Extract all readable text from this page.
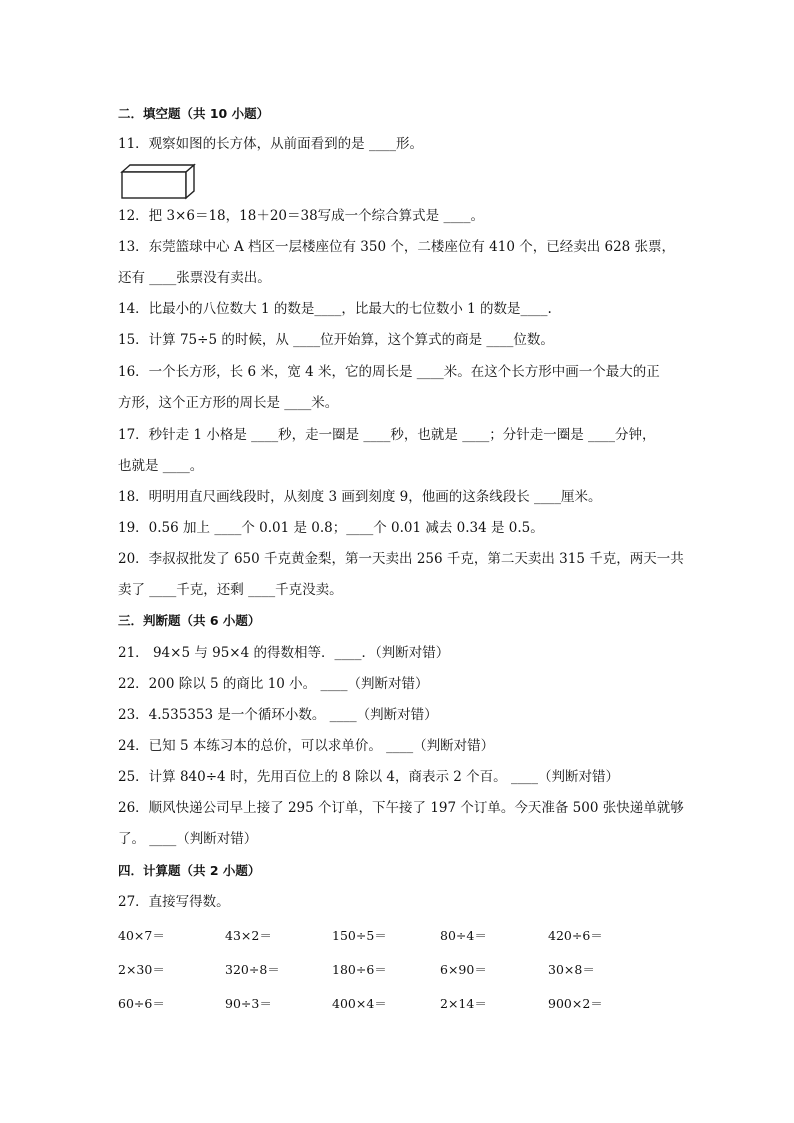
二．填空题（共 10 小题）
11．观察如图的长方体，从前面看到的是 ____形。
12．把 3×6＝18，18＋20＝38写成一个综合算式是 ____。
13．东莞篮球中心 A 档区一层楼座位有 350 个，二楼座位有 410 个，已经卖出 628 张票，
还有 ____张票没有卖出。
14．比最小的八位数大 1 的数是____，比最大的七位数小 1 的数是____.
15．计算 75÷5 的时候，从 ____位开始算，这个算式的商是 ____位数。
16．一个长方形，长 6 米，宽 4 米，它的周长是 ____米。在这个长方形中画一个最大的正
方形，这个正方形的周长是 ____米。
17．秒针走 1 小格是 ____秒，走一圈是 ____秒，也就是 ____；分针走一圈是 ____分钟，
也就是 ____。
18．明明用直尺画线段时，从刻度 3 画到刻度 9，他画的这条线段长 ____厘米。
19．0.56 加上 ____个 0.01 是 0.8；____个 0.01 减去 0.34 是 0.5。
20．李叔叔批发了 650 千克黄金梨，第一天卖出 256 千克，第二天卖出 315 千克，两天一共
卖了 ____千克，还剩 ____千克没卖。
三．判断题（共 6 小题）
21． 94×5 与 95×4 的得数相等．____．（判断对错）
22．200 除以 5 的商比 10 小。 ____（判断对错）
23．4.535353 是一个循环小数。 ____（判断对错）
24．已知 5 本练习本的总价，可以求单价。 ____（判断对错）
25．计算 840÷4 时，先用百位上的 8 除以 4，商表示 2 个百。 ____（判断对错）
26．顺风快递公司早上接了 295 个订单，下午接了 197 个订单。今天准备 500 张快递单就够
了。 ____（判断对错）
四．计算题（共 2 小题）
27．直接写得数。
40×7＝	43×2＝	150÷5＝	80÷4＝	420÷6＝
2×30＝	320÷8＝	180÷6＝	6×90＝	30×8＝
60÷6＝	90÷3＝	400×4＝	2×14＝	900×2＝
